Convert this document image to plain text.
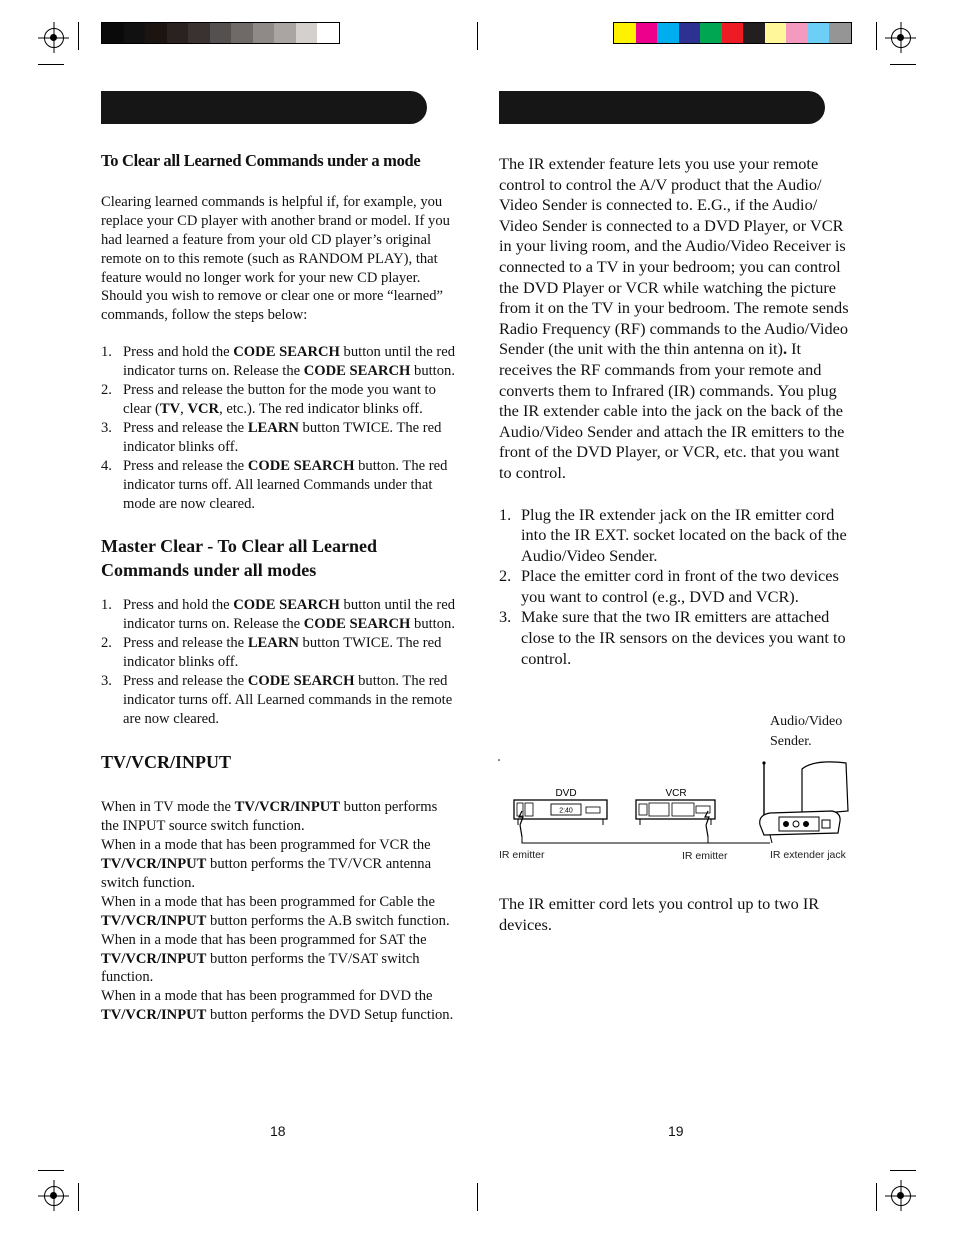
To Clear all Learned Commands under a mode

Clearing learned commands is helpful if, for example, you replace your CD player with another brand or model. If you had learned a feature from your old CD player’s original remote on to this remote (such as RANDOM PLAY), that feature would no longer work for your new CD player. Should you wish to remove or clear one or more “learned” commands, follow the steps below:

1. Press and hold the CODE SEARCH button until the red indicator turns on. Release the CODE SEARCH button.
2. Press and release the button for the mode you want to clear (TV, VCR, etc.). The red indicator blinks off.
3. Press and release the LEARN button TWICE. The red indicator blinks off.
4. Press and release the CODE SEARCH button. The red indicator turns off. All learned Commands under that mode are now cleared.
Master Clear - To Clear all Learned Commands under all modes
1. Press and hold the CODE SEARCH button until the red indicator turns on. Release the CODE SEARCH button.
2. Press and release the LEARN button TWICE. The red indicator blinks off.
3. Press and release the CODE SEARCH button. The red indicator turns off. All Learned commands in the remote are now cleared.
TV/VCR/INPUT

When in TV mode the TV/VCR/INPUT button performs the INPUT source switch function.

When in a mode that has been programmed for VCR the TV/VCR/INPUT button performs the TV/VCR antenna switch function.

When in a mode that has been programmed for Cable the TV/VCR/INPUT button performs the A.B switch function.

When in a mode that has been programmed for SAT the TV/VCR/INPUT button performs the TV/SAT switch function.

When in a mode that has been programmed for DVD the TV/VCR/INPUT button performs the DVD Setup function.

18

The IR extender feature lets you use your remote control to control the A/V product that the Audio/ Video Sender is connected to. E.G., if the Audio/ Video Sender is connected to a DVD Player, or VCR in your living room, and the Audio/Video Receiver is connected to a TV in your bedroom; you can control the DVD Player or VCR while watching the picture from it on the TV in your bedroom. The remote sends Radio Frequency (RF) commands to the Audio/Video Sender (the unit with the thin antenna on it). It receives the RF commands from your remote and converts them to Infrared (IR) commands. You plug the IR extender cable into the jack on the back of the Audio/Video Sender and attach the IR emitters to the front of the DVD Player, or VCR, etc. that you want to control.

1. Plug the IR extender jack on the IR emitter cord into the IR EXT. socket located on the back of the Audio/Video Sender.
2. Place the emitter cord in front of the two devices you want to control (e.g., DVD and VCR).
3. Make sure that the two IR emitters are attached close to the IR sensors on the devices you want to control.
Audio/Video Sender.
2:40
DVD	VCR
IR emitter	IR emitter	IR extender jack
The IR emitter cord lets you control up to two IR devices.
19
